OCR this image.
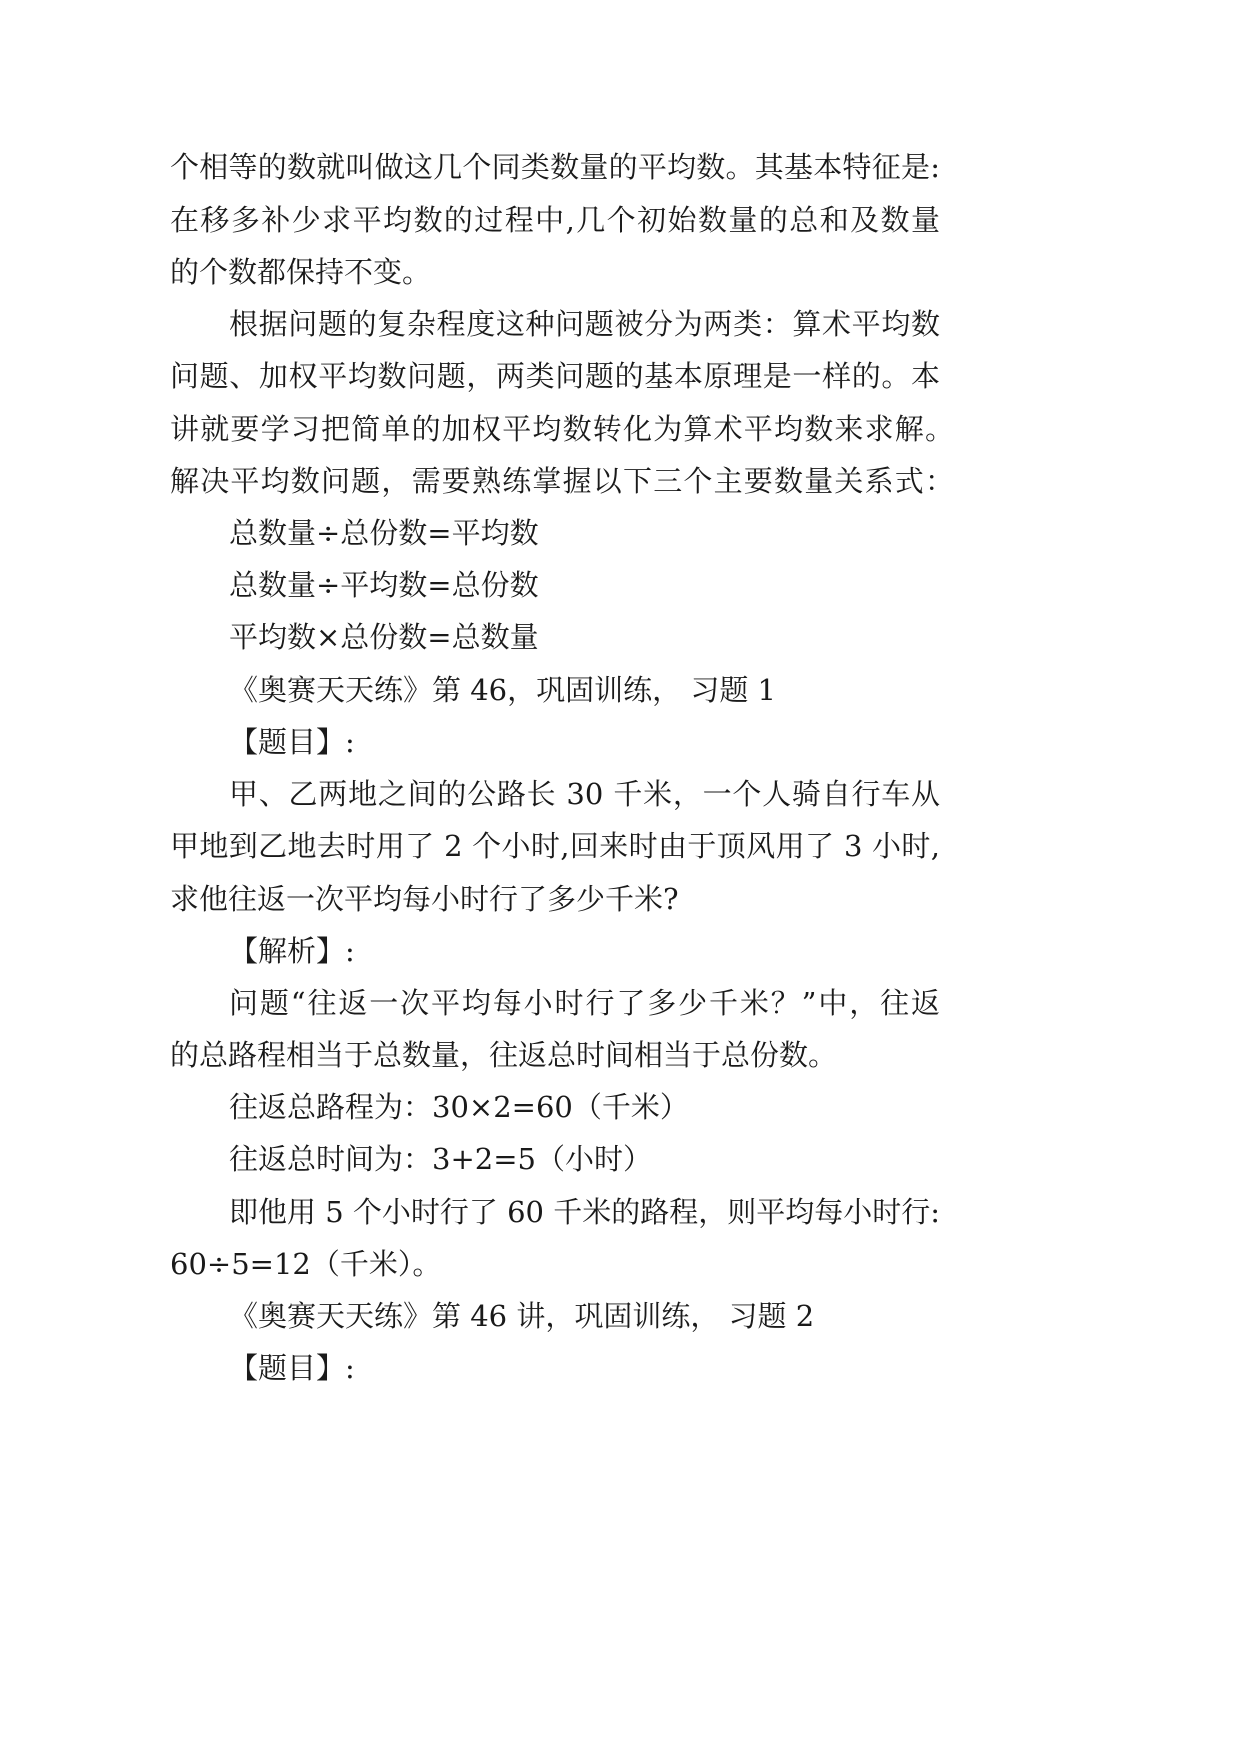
个相等的数就叫做这几个同类数量的平均数。其基本特征是:
在移多补少求平均数的过程中,几个初始数量的总和及数量
的个数都保持不变。
根据问题的复杂程度这种问题被分为两类：算术平均数
问题、加权平均数问题，两类问题的基本原理是一样的。本
讲就要学习把简单的加权平均数转化为算术平均数来求解。
解决平均数问题，需要熟练掌握以下三个主要数量关系式：
总数量÷总份数=平均数
总数量÷平均数=总份数
平均数×总份数=总数量
《奥赛天天练》第 46，巩固训练， 习题 1
【题目】:
甲、乙两地之间的公路长 30 千米，一个人骑自行车从
甲地到乙地去时用了 2 个小时,回来时由于顶风用了 3 小时,
求他往返一次平均每小时行了多少千米?
【解析】:
问题“往返一次平均每小时行了多少千米？”中，往返
的总路程相当于总数量，往返总时间相当于总份数。
往返总路程为：30×2=60（千米）
往返总时间为：3+2=5（小时）
即他用 5 个小时行了 60 千米的路程，则平均每小时行:
60÷5=12（千米）。
《奥赛天天练》第 46 讲，巩固训练， 习题 2
【题目】:
